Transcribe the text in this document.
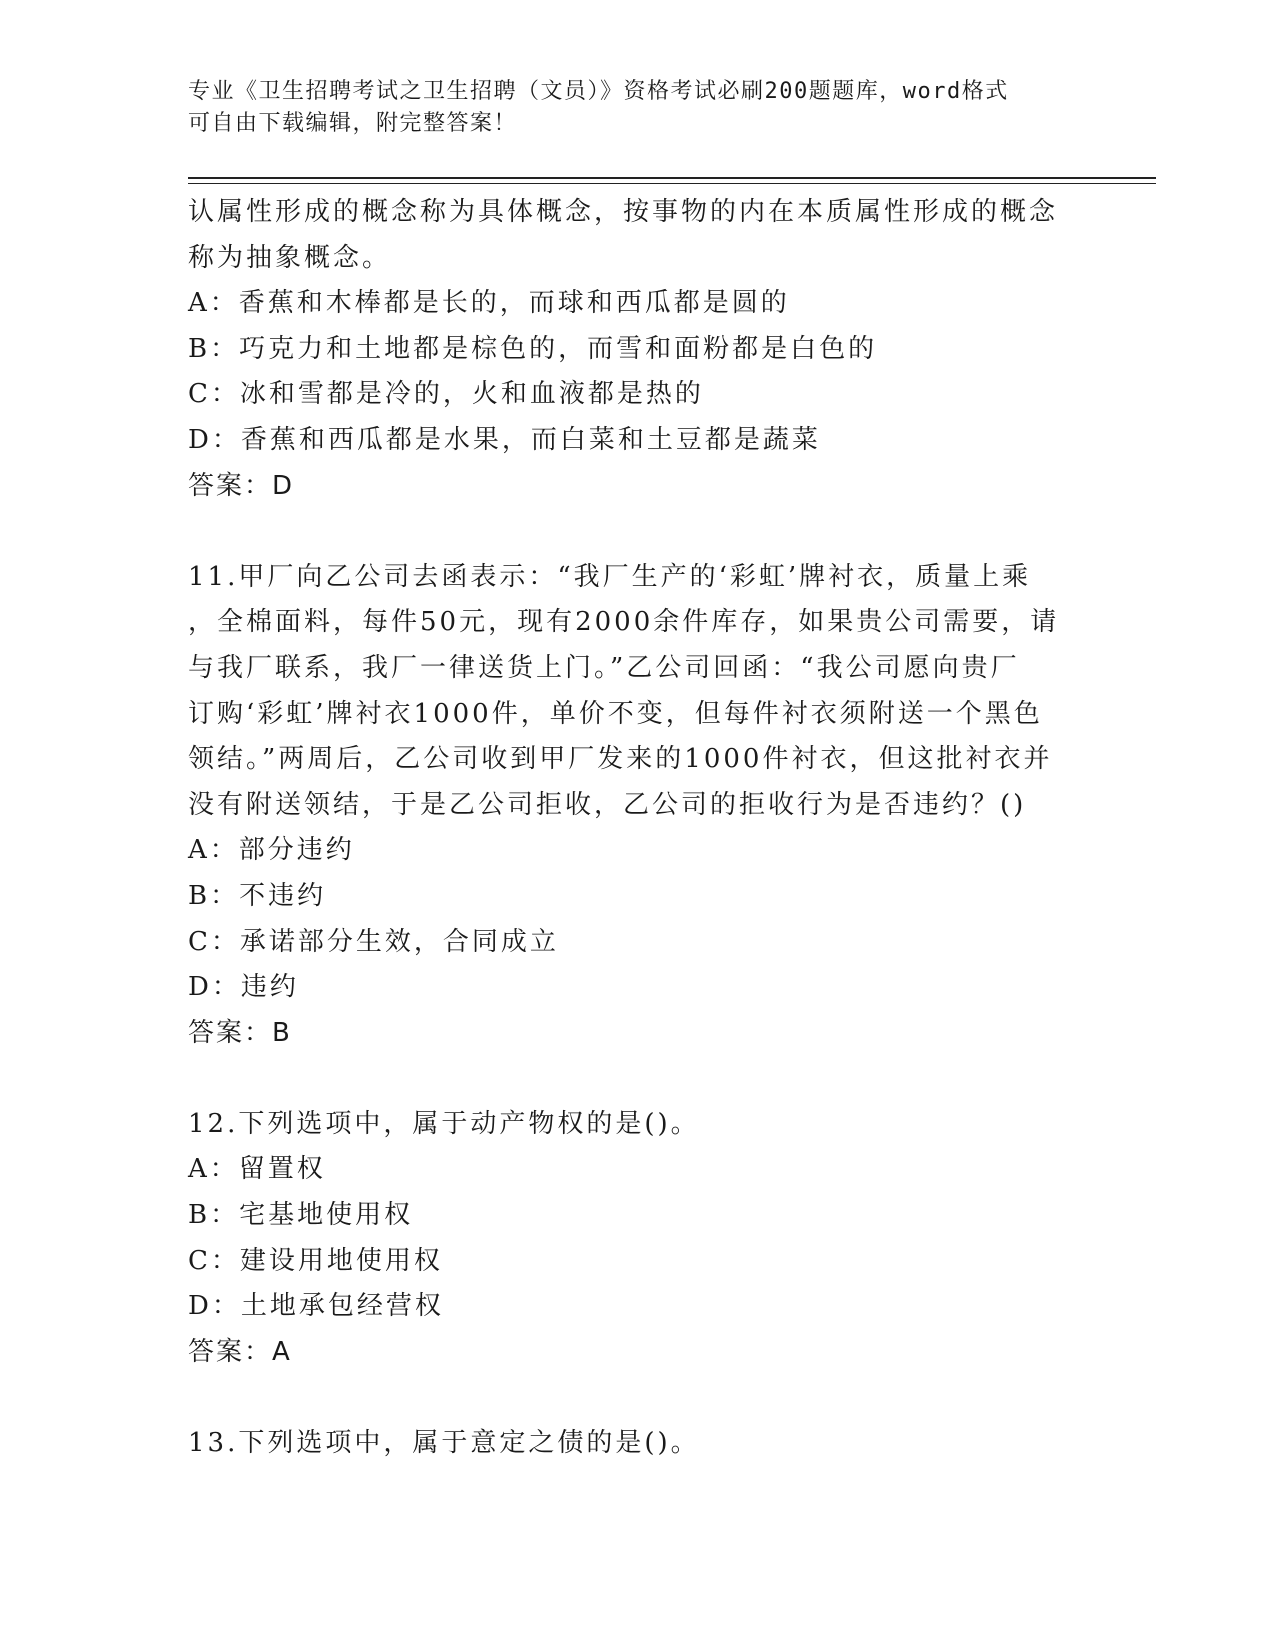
专业《卫生招聘考试之卫生招聘（文员）》资格考试必刷200题题库，word格式
可自由下载编辑，附完整答案！
认属性形成的概念称为具体概念，按事物的内在本质属性形成的概念
称为抽象概念。
A：香蕉和木棒都是长的，而球和西瓜都是圆的
B：巧克力和土地都是棕色的，而雪和面粉都是白色的
C：冰和雪都是冷的，火和血液都是热的
D：香蕉和西瓜都是水果，而白菜和土豆都是蔬菜
答案：D
11.甲厂向乙公司去函表示：“我厂生产的‘彩虹’牌衬衣，质量上乘
，全棉面料，每件50元，现有2000余件库存，如果贵公司需要，请
与我厂联系，我厂一律送货上门。”乙公司回函：“我公司愿向贵厂
订购‘彩虹’牌衬衣1000件，单价不变，但每件衬衣须附送一个黑色
领结。”两周后，乙公司收到甲厂发来的1000件衬衣，但这批衬衣并
没有附送领结，于是乙公司拒收，乙公司的拒收行为是否违约？()
A：部分违约
B：不违约
C：承诺部分生效，合同成立
D：违约
答案：B
12.下列选项中，属于动产物权的是()。
A：留置权
B：宅基地使用权
C：建设用地使用权
D：土地承包经营权
答案：A
13.下列选项中，属于意定之债的是()。
